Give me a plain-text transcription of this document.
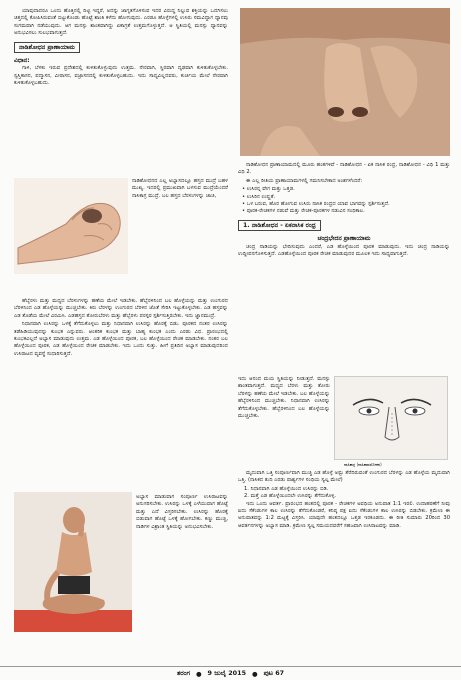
ಯಾವುದಾದರೂ ಒಂದು ಹೊತ್ತಿನಲ್ಲಿ ದಿಟ್ಟಿ ಇದ್ದರೆ, ಅದನ್ನು ಜಾಗೃತಗೊಳಿಸುವ ಇದರ ವಿರುದ್ಧ ನಿಲ್ಲುವ ಶಕ್ತಿಯನ್ನು ಒದಗಿಸಲು ಚಿತ್ತದಲ್ಲಿ ಕೋಪಿಸಿರುವಂತೆ ಬಿಟ್ಟುಕೊಂಡು ಹೊಟ್ಟೆ ಶಾಂತಿ ಕಳೆದು ಹೋಗುವುದು. ಎರಡೂ ಹೊಳ್ಳೆಗಳಲ್ಲಿ ಉಸಿರು ಸಮವಿದ್ದಾಗ ಧ್ಯಾನವು ಸುಗಮವಾಗಿ ನಡೆಯುವುದು. ಆಗ ಮನಸ್ಸು ಶಾಂತವಾಗಿದ್ದು ಏಕಾಗ್ರತೆ ಉತ್ತಮಗೊಳ್ಳುತ್ತದೆ. ಆ ಸ್ಥಿತಿಯಲ್ಲಿ ಮನಸ್ಸು ಧ್ಯಾನವನ್ನು ಅನುಭವಿಸಲು ಸುಲಭವಾಗುತ್ತದೆ.

ನಾಡಿಶೋಧನ ಪ್ರಾಣಾಯಾಮ
ವಿಧಾನ:

ಗಾಳಿ, ಬೆಳಕು ಇರುವ ಪ್ರದೇಶದಲ್ಲಿ ಕುಳಿತುಕೊಳ್ಳುವುದು ಉತ್ತಮ. ನೇರವಾಗಿ, ಸ್ಥಿರವಾಗಿ ದೃಢವಾಗಿ ಕುಳಿತುಕೊಳ್ಳಬೇಕು. ಸ್ವಸ್ತಿಕಾಸನ, ಪದ್ಮಾಸನ, ವೀರಾಸನ, ವಜ್ರಾಸನದಲ್ಲಿ ಕುಳಿತುಕೊಳ್ಳಬಹುದು. ಇದು ಸಾಧ್ಯವಿಲ್ಲದವರು, ಕುರ್ಚಿಯ ಮೇಲೆ ನೇರವಾಗಿ ಕುಳಿತುಕೊಳ್ಳಬಹುದು.

ನಾಡಿಶೋಧನದ ಎಲ್ಲ ಅಭ್ಯಾಸದಲ್ಲೂ ಹಸ್ತದ ಮುದ್ರೆ ಬಹಳ ಮುಖ್ಯ. ಇದರಲ್ಲಿ ಪ್ರಮುಖವಾಗಿ ಬಳಸುವ ಮುದ್ರೆಯೆಂದರೆ ನಾಸಿಕಾಗ್ರ ಮುದ್ರೆ. ಬಲ ಹಸ್ತದ ಬೆರಳುಗಳನ್ನು ಚಾಚಿ,

ಹೆಬ್ಬೆರಳು ಮತ್ತು ಮಧ್ಯದ ಬೆರಳುಗಳನ್ನು ಹಣೆಯ ಮೇಲೆ ಇಡಬೇಕು. ಹೆಬ್ಬೆರಳಿನಿಂದ ಬಲ ಹೊಳ್ಳೆಯನ್ನು ಮತ್ತು ಉಂಗುರದ ಬೆರಳಿನಿಂದ ಎಡ ಹೊಳ್ಳೆಯನ್ನು ಮುಚ್ಚಬೇಕು. ಕಿರು ಬೆರಳನ್ನು ಉಂಗುರದ ಬೆರಳಿನ ಜೊತೆ ಸೇರಿಸಿ ಇಟ್ಟುಕೊಳ್ಳಬೇಕು. ಎಡ ಹಸ್ತವನ್ನು ಎಡ ತೊಡೆಯ ಮೇಲೆ ವಿರಮಿಸಿ. ಎಡಹಸ್ತದ ತೋರುಬೆರಳು ಮತ್ತು ಹೆಬ್ಬೆರಳು ಪರಸ್ಪರ ಸ್ಪರ್ಶಿಸುತ್ತಿರಬೇಕು. ಇದು ಜ್ಞಾನಮುದ್ರೆ.

ನಿಧಾನವಾಗಿ ಉಸಿರನ್ನು ಒಳಕ್ಕೆ ತೆಗೆದುಕೊಳ್ಳಲು ಮತ್ತು ನಿಧಾನವಾಗಿ ಉಸಿರನ್ನು ಹೊರಕ್ಕೆ ಬಿಡು. ಪೂರಕದ ನಂತರ ಉಸಿರನ್ನು ತಡೆಹಿಡಿಯುವುದನ್ನು ಕುಂಭಕ ಎನ್ನುವರು. ಆಂತರಿಕ ಕುಂಭಕ ಮತ್ತು ಬಾಹ್ಯ ಕುಂಭಕ ಎಂದು ಎರಡು ವಿಧ. ಪ್ರಾರಂಭದಲ್ಲಿ ಕುಂಭಕವಿಲ್ಲದೆ ಅಭ್ಯಾಸ ಮಾಡುವುದು ಉತ್ತಮ. ಎಡ ಹೊಳ್ಳೆಯಿಂದ ಪೂರಕ, ಬಲ ಹೊಳ್ಳೆಯಿಂದ ರೇಚಕ ಮಾಡಬೇಕು. ನಂತರ ಬಲ ಹೊಳ್ಳೆಯಿಂದ ಪೂರಕ, ಎಡ ಹೊಳ್ಳೆಯಿಂದ ರೇಚಕ ಮಾಡಬೇಕು. ಇದು ಒಂದು ಸುತ್ತು. ಹೀಗೆ ಪ್ರತಿದಿನ ಅಭ್ಯಾಸ ಮಾಡುವುದರಿಂದ ಉಸಿರಾಟದ ವ್ಯವಸ್ಥೆ ಸುಧಾರಿಸುತ್ತದೆ.

ಅಭ್ಯಾಸ ಮಾಡುವಾಗ ಸಂಪೂರ್ಣ ಉಸಿರಾಟವನ್ನು ಅನುಸರಿಸಬೇಕು. ಉಸಿರನ್ನು ಒಳಕ್ಕೆ ಎಳೆಯುವಾಗ ಹೊಟ್ಟೆ ಮತ್ತು ಎದೆ ವಿಸ್ತರಿಸಬೇಕು. ಉಸಿರನ್ನು ಹೊರಕ್ಕೆ ಬಿಡುವಾಗ ಹೊಟ್ಟೆ ಒಳಕ್ಕೆ ಹೋಗಬೇಕು. ಕಣ್ಣು ಮುಚ್ಚಿ, ನಾಡಿಗಳ ವಿಶ್ರಾಂತ ಸ್ಥಿತಿಯನ್ನು ಅನುಭವಿಸಬೇಕು.

ನಾಡಿಶೋಧನ ಪ್ರಾಣಾಯಾಮದಲ್ಲಿ ಮೂರು ಹಂತಗಳಿವೆ - ನಾಡಿಶೋಧನ - ಏಕ ನಾಸಿಕ ರಂಧ್ರ, ನಾಡಿಶೋಧನ - ವಿಧಿ 1 ಮತ್ತು ವಿಧಿ 2.

ಈ ಎಲ್ಲ ರೀತಿಯ ಪ್ರಾಣಾಯಾಮಗಳಲ್ಲಿ ಗಮನಿಸಬೇಕಾದ ಅಂಶಗಳೆಂದರೆ:

• ಉಸಿರನ್ನ ವೇಗ ಮತ್ತು ಒತ್ತಡ.
• ಉಸಿರಿನ ಉಷ್ಣತೆ.
• ಒಳ ಬರುವ, ಹೊರ ಹೋಗುವ ಉಸಿರು ನಾಸಿಕ ರಂಧ್ರದ ಯಾವ ಭಾಗವನ್ನು ಸ್ಪರ್ಶಿಸುತ್ತದೆ.
• ಪೂರಕ-ರೇಚಕಗಳ ನಡುವೆ ಮತ್ತು ರೇಚಕ-ಪೂರಕಗಳ ನಡುವಿನ ಸಂಧಿಕಾಲ.
1. ನಾಡಿಶೋಧನ - ಏಕನಾಸಿಕ ರಂಧ್ರ
ಚಂದ್ರಭೇದನ ಪ್ರಾಣಾಯಾಮ

ಚಂದ್ರ ನಾಡಿಯನ್ನು ಭೇದಿಸುವುದು ಎಂದರೆ, ಎಡ ಹೊಳ್ಳೆಯಿಂದ ಪೂರಕ ಮಾಡುವುದು. ಇದು ಚಂದ್ರ ನಾಡಿಯನ್ನು ಉದ್ದೀಪನಗೊಳಿಸುತ್ತದೆ. ಎಡಹೊಳ್ಳೆಯಿಂದ ಪೂರಕ ರೇಚಕ ಮಾಡುವುದರ ಮೂಲಕ ಇದು ಸಾಧ್ಯವಾಗುತ್ತದೆ.

ನಾಸಿಕಾಗ್ರ (ನಾಸಿಕಾವಲೋಕನ)
ಇದು ಆನಂದ ಮಯ ಸ್ಥಿತಿಯನ್ನು ನೀಡುತ್ತದೆ. ಮನಸ್ಸು ಶಾಂತವಾಗುತ್ತದೆ. ಮಧ್ಯದ ಬೆರಳು ಮತ್ತು ತೋರು ಬೆರಳನ್ನು ಹಣೆಯ ಮೇಲೆ ಇಡಬೇಕು. ಬಲ ಹೊಳ್ಳೆಯನ್ನು ಹೆಬ್ಬೆರಳಿನಿಂದ ಮುಚ್ಚಬೇಕು. ನಿಧಾನವಾಗಿ ಉಸಿರನ್ನು ತೆಗೆದುಕೊಳ್ಳಬೇಕು. ಹೆಬ್ಬೆರಳಿನಿಂದ ಬಲ ಹೊಳ್ಳೆಯನ್ನು ಮುಚ್ಚಬೇಕು.

ಮೃದುವಾಗಿ ಒತ್ತಿ ಸಂಪೂರ್ಣವಾಗಿ ಮುಚ್ಚಿ ಎಡ ಹೊಳ್ಳೆ ಅಷ್ಟು ತೆರೆದಿರುವಂತೆ ಉಂಗುರದ ಬೆರಳನ್ನು ಎಡ ಹೊಳ್ಳೆಯ ಮೃದುವಾಗಿ ಒತ್ತಿ. (ನಾಸಿಕದ ತುದಿ ಎರಡು ಪಾರ್ಶ್ವಗಳ ಸಂಧಿಯ ಸ್ವಲ್ಪ ಮೇಲೆ)

1. ನಿಧಾನವಾಗಿ ಎಡ ಹೊಳ್ಳೆಯಿಂದ ಉಸಿರನ್ನು ಬಿಡಿ.
2. ಮತ್ತೆ ಎಡ ಹೊಳ್ಳೆಯಿಂದಲೇ ಉಸಿರನ್ನು ತೆಗೆದುಕೊಳ್ಳಿ.

ಇದು ಒಂದು ಆವರ್ತ. ಪ್ರಾರಂಭದ ಹಂತದಲ್ಲಿ ಪೂರಕ - ರೇಚಕಗಳ ಅವಧಿಯ ಅನುಪಾತ 1:1 ಇರಲಿ. ಉದಾಹರಣೆಗೆ ನೀವು ಐದು ಸೆಕೆಂಡುಗಳ ಕಾಲ ಉಸಿರನ್ನು ತೆಗೆದುಕೊಂಡರೆ, ಕನಿಷ್ಠ ಪಕ್ಷ ಐದು ಸೆಕೆಂಡುಗಳ ಕಾಲ ಉಸಿರನ್ನು ಬಿಡಬೇಕು. ಕ್ರಮೇಣ ಈ ಅನುಪಾತವನ್ನು 1:2 ಮಟ್ಟಕ್ಕೆ ವಿಸ್ತರಿಸಿ. ಯಾವುದೇ ಹಂತದಲ್ಲೂ ಒತ್ತಡ ಇರಕೂಡದು. ಈ ರೀತಿ ಸುಮಾರು 20ರಿಂದ 30 ಆವರ್ತನಗಳನ್ನು ಅಭ್ಯಾಸ ಮಾಡಿ. ಕ್ರಮೇಣ ಸ್ವಲ್ಪ ಸಮಯದವರೆಗೆ ಸಹಜವಾಗಿ ಉಸಿರಾಟವನ್ನು ಮಾಡಿ.

ತರಂಗ ● 9 ಜುಲೈ 2015 ● ಪುಟ 67
